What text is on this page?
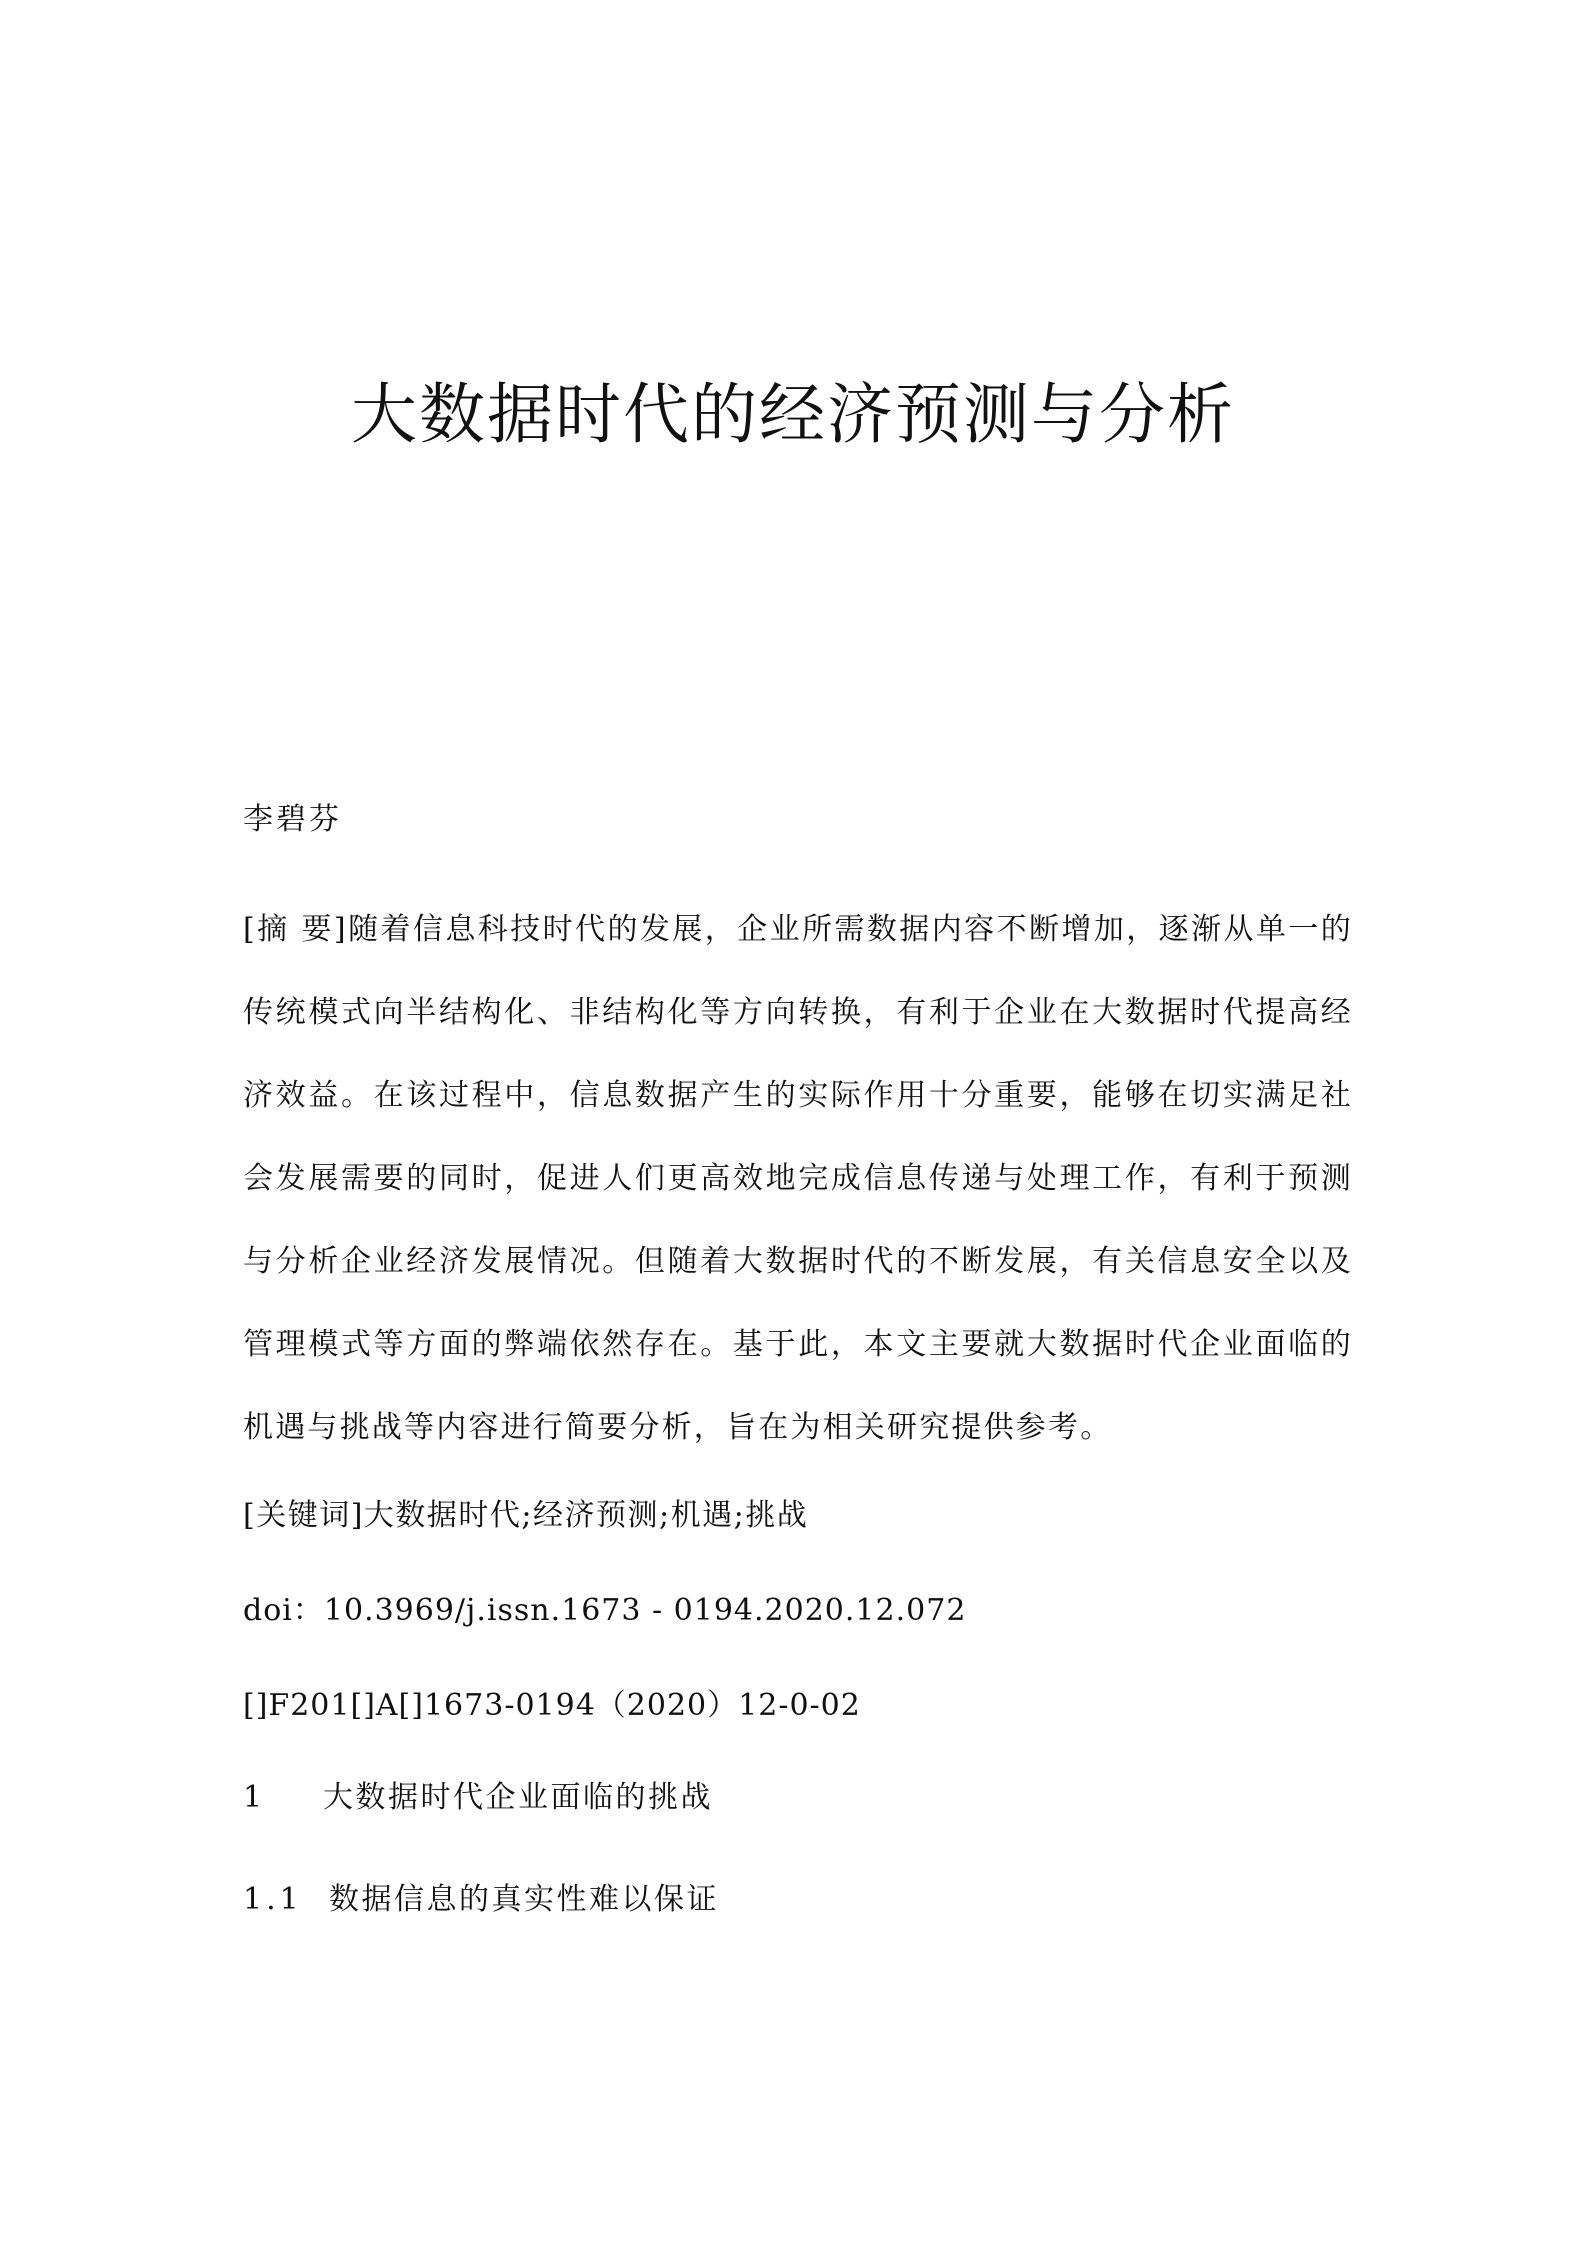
大数据时代的经济预测与分析
李碧芬

[摘 要]随着信息科技时代的发展，企业所需数据内容不断增加，逐渐从单一的传统模式向半结构化、非结构化等方向转换，有利于企业在大数据时代提高经济效益。在该过程中，信息数据产生的实际作用十分重要，能够在切实满足社会发展需要的同时，促进人们更高效地完成信息传递与处理工作，有利于预测与分析企业经济发展情况。但随着大数据时代的不断发展，有关信息安全以及管理模式等方面的弊端依然存在。基于此，本文主要就大数据时代企业面临的机遇与挑战等内容进行简要分析，旨在为相关研究提供参考。

[关键词]大数据时代;经济预测;机遇;挑战
doi：10.3969/j.issn.1673 - 0194.2020.12.072
[]F201[]A[]1673-0194（2020）12-0-02
1 大数据时代企业面临的挑战
1.1 数据信息的真实性难以保证
